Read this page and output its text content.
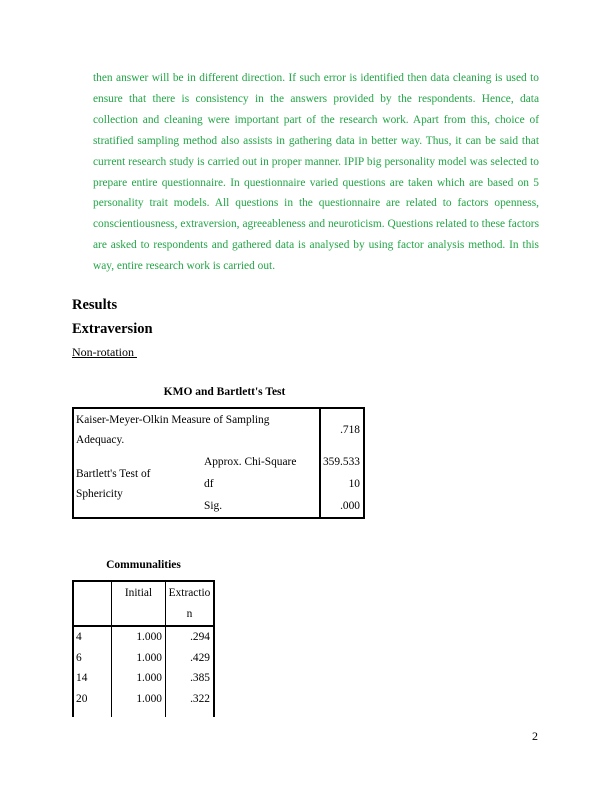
then answer will be in different direction. If such error is identified then data cleaning is used to ensure that there is consistency in the answers provided by the respondents. Hence, data collection and cleaning were important part of the research work. Apart from this, choice of stratified sampling method also assists in gathering data in better way. Thus, it can be said that current research study is carried out in proper manner. IPIP big personality model was selected to prepare entire questionnaire. In questionnaire varied questions are taken which are based on 5 personality trait models. All questions in the questionnaire are related to factors openness, conscientiousness, extraversion, agreeableness and neuroticism. Questions related to these factors are asked to respondents and gathered data is analysed by using factor analysis method. In this way, entire research work is carried out.

Results
Extraversion
Non-rotation
KMO and Bartlett's Test
Kaiser-Meyer-Olkin Measure of Sampling Adequacy.		.718
Bartlett's Test of Sphericity	Approx. Chi-Square	359.533
	df	10
	Sig.	.000
Communalities
	Initial	Extractio n
4	1.000	.294
6	1.000	.429
14	1.000	.385
20	1.000	.322

2
